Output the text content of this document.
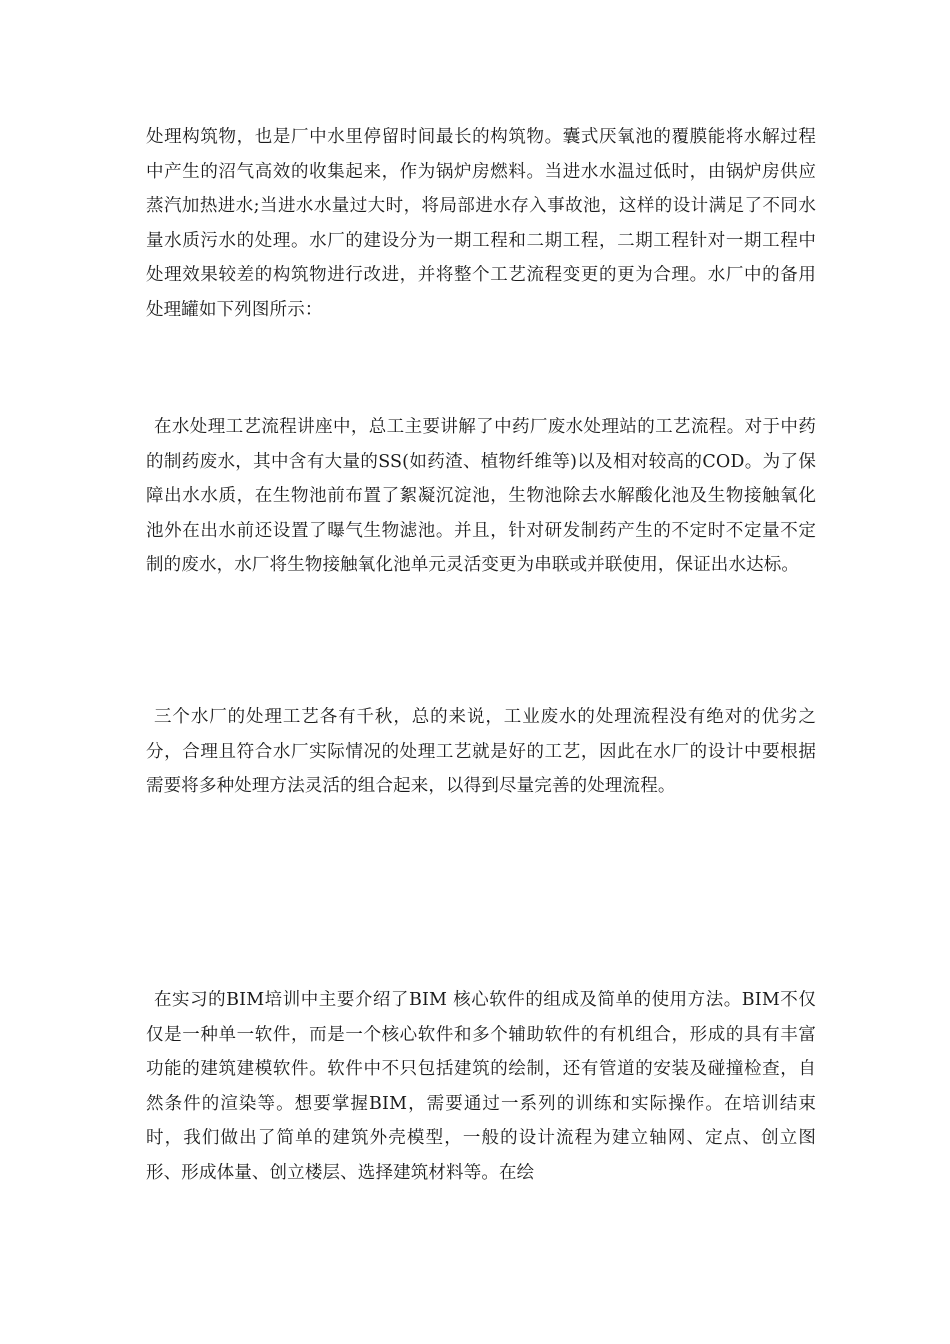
处理构筑物，也是厂中水里停留时间最长的构筑物。囊式厌氧池的覆膜能将水解过程中产生的沼气高效的收集起来，作为锅炉房燃料。当进水水温过低时，由锅炉房供应蒸汽加热进水;当进水水量过大时，将局部进水存入事故池，这样的设计满足了不同水量水质污水的处理。水厂的建设分为一期工程和二期工程，二期工程针对一期工程中处理效果较差的构筑物进行改进，并将整个工艺流程变更的更为合理。水厂中的备用处理罐如下列图所示：

在水处理工艺流程讲座中，总工主要讲解了中药厂废水处理站的工艺流程。对于中药的制药废水，其中含有大量的SS(如药渣、植物纤维等)以及相对较高的COD。为了保障出水水质，在生物池前布置了絮凝沉淀池，生物池除去水解酸化池及生物接触氧化池外在出水前还设置了曝气生物滤池。并且，针对研发制药产生的不定时不定量不定制的废水，水厂将生物接触氧化池单元灵活变更为串联或并联使用，保证出水达标。

三个水厂的处理工艺各有千秋，总的来说，工业废水的处理流程没有绝对的优劣之分，合理且符合水厂实际情况的处理工艺就是好的工艺，因此在水厂的设计中要根据需要将多种处理方法灵活的组合起来，以得到尽量完善的处理流程。

在实习的BIM培训中主要介绍了BIM 核心软件的组成及简单的使用方法。BIM不仅仅是一种单一软件，而是一个核心软件和多个辅助软件的有机组合，形成的具有丰富功能的建筑建模软件。软件中不只包括建筑的绘制，还有管道的安装及碰撞检查，自然条件的渲染等。想要掌握BIM，需要通过一系列的训练和实际操作。在培训结束时，我们做出了简单的建筑外壳模型，一般的设计流程为建立轴网、定点、创立图形、形成体量、创立楼层、选择建筑材料等。在绘
